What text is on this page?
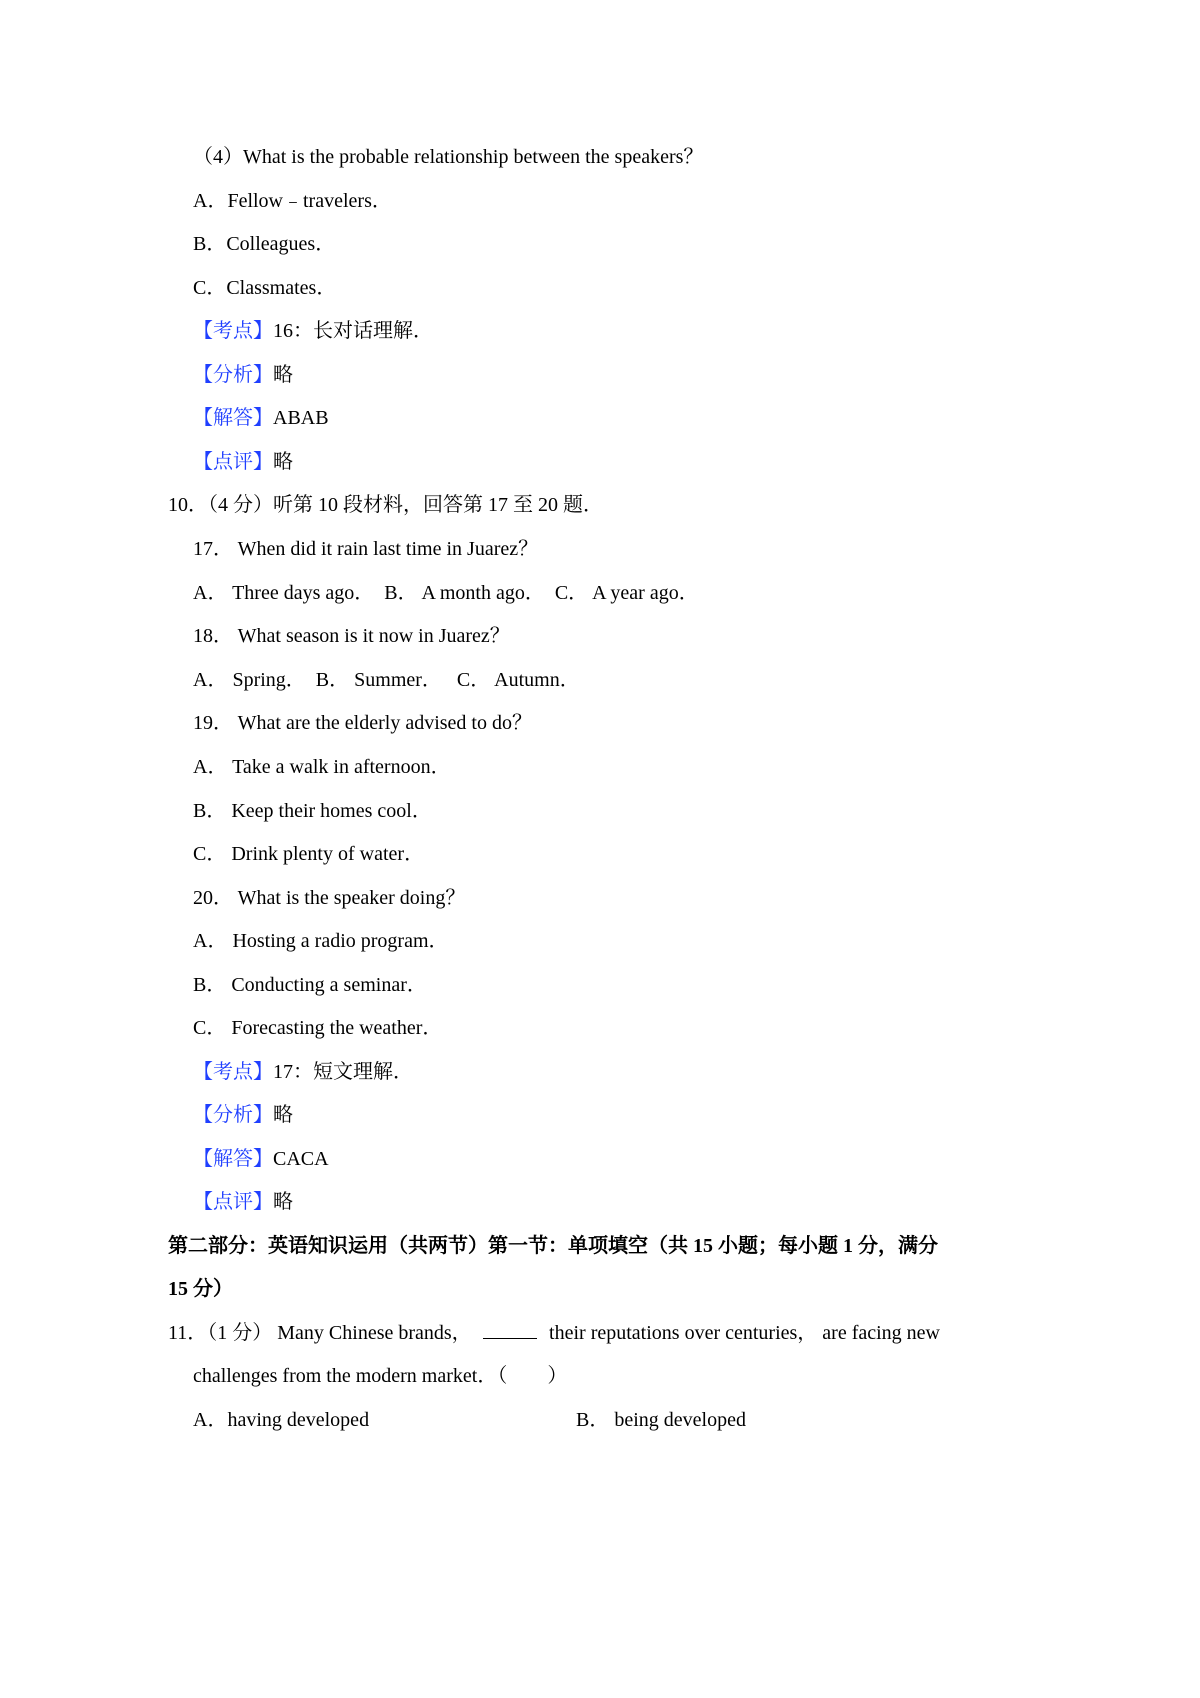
（4）What is the probable relationship between the speakers？
A．Fellow﹣travelers．
B．Colleagues．
C．Classmates．
【考点】16：长对话理解．
【分析】略
【解答】ABAB
【点评】略
10．（4 分）听第 10 段材料，回答第 17 至 20 题．
17． When did it rain last time in Juarez？
A． Three days ago． B． A month ago． C． A year ago．
18． What season is it now in Juarez？
A． Spring． B． Summer． C． Autumn．
19． What are the elderly advised to do？
A． Take a walk in afternoon．
B． Keep their homes cool．
C． Drink plenty of water．
20． What is the speaker doing？
A． Hosting a radio program．
B． Conducting a seminar．
C． Forecasting the weather．
【考点】17：短文理解．
【分析】略
【解答】CACA
【点评】略
第二部分：英语知识运用（共两节）第一节：单项填空（共 15 小题；每小题 1 分，满分
15 分）
11．（1 分） Many Chinese brands，	their reputations over centuries， are facing new
challenges from the modern market．（　　）
A．having developed	B． being developed
